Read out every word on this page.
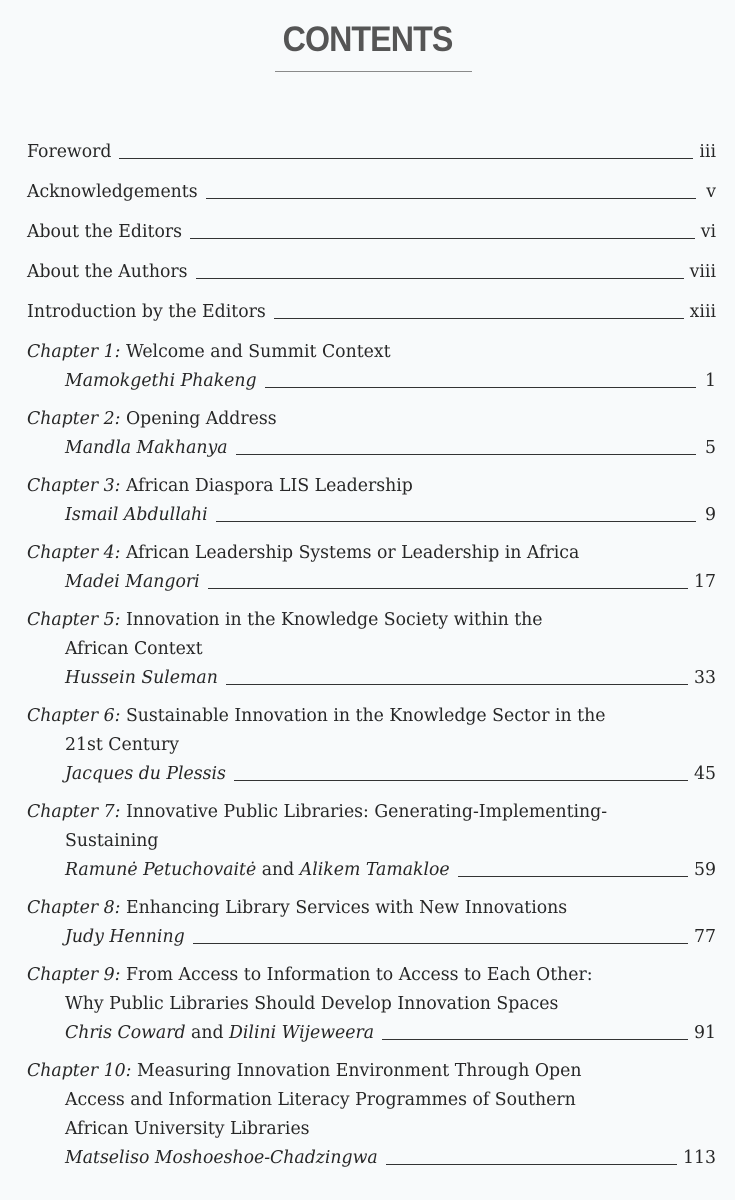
CONTENTS
Foreword	iii
Acknowledgements	v
About the Editors	vi
About the Authors	viii
Introduction by the Editors	xiii
Chapter 1:
Welcome and Summit Context
Mamokgethi Phakeng	1
Chapter 2:
Opening Address
Mandla Makhanya	5
Chapter 3:
African Diaspora LIS Leadership
Ismail Abdullahi	9
Chapter 4:
African Leadership Systems or Leadership in Africa
Madei Mangori	17
Chapter 5:
Innovation in the Knowledge Society within the
African Context
Hussein Suleman	33
Chapter 6:
Sustainable Innovation in the Knowledge Sector in the
21st Century
Jacques du Plessis	45
Chapter 7:
Innovative Public Libraries: Generating-Implementing-
Sustaining
Ramunė Petuchovaitė
and
Alikem Tamakloe	59
Chapter 8:
Enhancing Library Services with New Innovations
Judy Henning	77
Chapter 9:
From Access to Information to Access to Each Other:
Why Public Libraries Should Develop Innovation Spaces
Chris Coward
and
Dilini Wijeweera	91
Chapter 10:
Measuring Innovation Environment Through Open
Access and Information Literacy Programmes of Southern
African University Libraries
Matseliso Moshoeshoe-Chadzingwa	113
